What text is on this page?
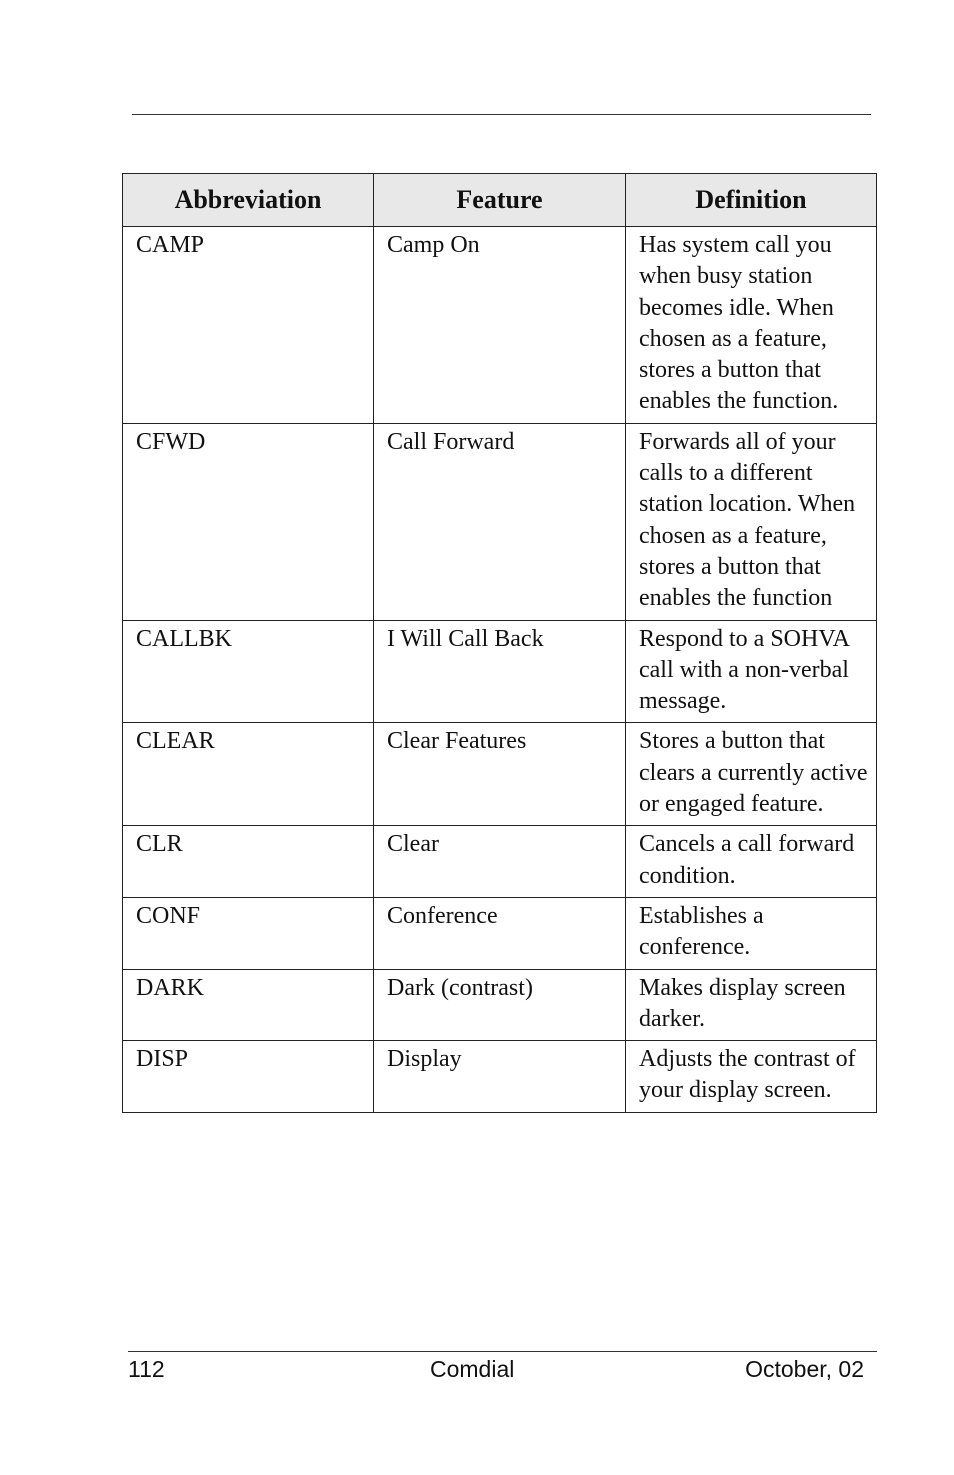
Abbreviation	Feature	Definition
CAMP	Camp On	Has system call you when busy station becomes idle. When chosen as a feature, stores a button that enables the function.
CFWD	Call Forward	Forwards all of your calls to a different station location. When chosen as a feature, stores a button that enables the function
CALLBK	I Will Call Back	Respond to a SOHVA call with a non-verbal message.
CLEAR	Clear Features	Stores a button that clears a currently active or engaged feature.
CLR	Clear	Cancels a call forward condition.
CONF	Conference	Establishes a conference.
DARK	Dark (contrast)	Makes display screen darker.
DISP	Display	Adjusts the contrast of your display screen.
112	Comdial	October, 02
